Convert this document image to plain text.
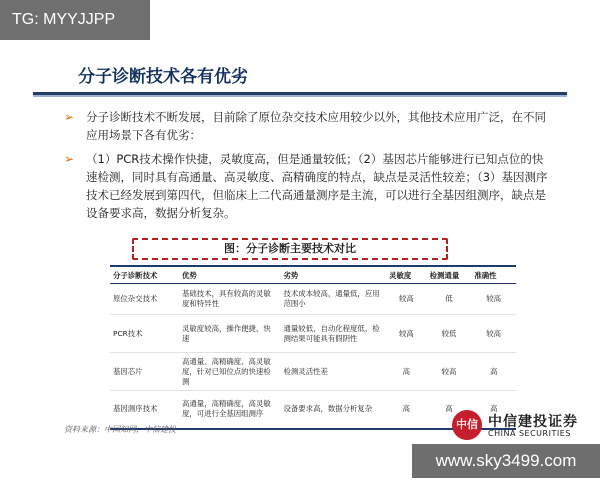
TG: MYYJJPP
分子诊断技术各有优劣
➢ 分子诊断技术不断发展，目前除了原位杂交技术应用较少以外，其他技术应用广泛，在不同应用场景下各有优劣：
➢ （1）PCR技术操作快捷，灵敏度高，但是通量较低；（2）基因芯片能够进行已知点位的快速检测，同时具有高通量、高灵敏度、高精确度的特点，缺点是灵活性较差；（3）基因测序技术已经发展到第四代，但临床上二代高通量测序是主流，可以进行全基因组测序，缺点是设备要求高，数据分析复杂。
图：分子诊断主要技术对比
分子诊断技术	优势	劣势	灵敏度	检测通量	准确性
原位杂交技术	基础技术，具有较高的灵敏度和特异性	技术成本较高，通量低，应用范围小	较高	低	较高
PCR技术	灵敏度较高，操作便捷、快速	通量较低，自动化程度低，检测结果可能具有假阴性	较高	较低	较高
基因芯片	高通量、高精确度、高灵敏度，针对已知位点的快速检测	检测灵活性差	高	较高	高
基因测序技术	高通量，高精确度，高灵敏度，可进行全基因组测序	设备要求高，数据分析复杂	高	高	高
资料来源：中国知网，中信建投	中信 中信建投证券
CHINA SECURITIES
www.sky3499.com
